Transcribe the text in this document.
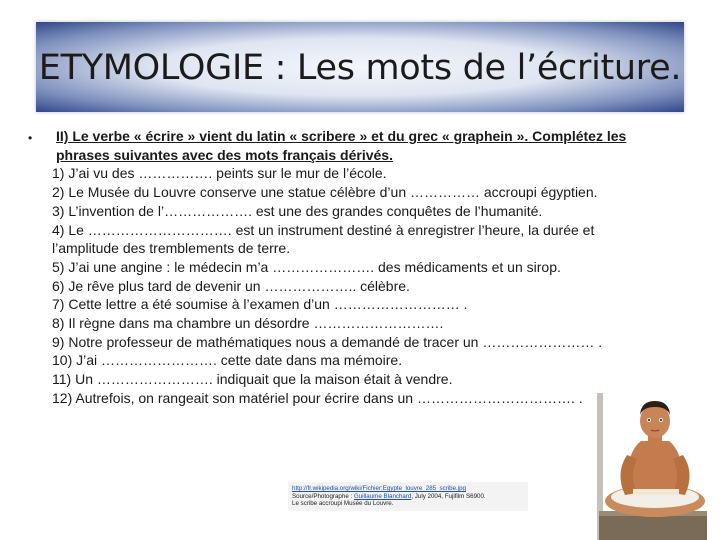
ETYMOLOGIE : Les mots de l’écriture.
• II) Le verbe « écrire » vient du latin « scribere » et du grec « graphein ». Complétez les phrases suivantes avec des mots français dérivés.
1) J’ai vu des ……………. peints sur le mur de l’école.
2) Le Musée du Louvre conserve une statue célèbre d’un …………… accroupi égyptien.
3) L’invention de l’………………. est une des grandes conquêtes de l’humanité.
4) Le …………………………. est un instrument destiné à enregistrer l’heure, la durée et l’amplitude des tremblements de terre.
5) J’ai une angine : le médecin m’a …………………. des médicaments et un sirop.
6) Je rêve plus tard de devenir un ……………….. célèbre.
7) Cette lettre a été soumise à l’examen d’un ……………………… .
8) Il règne dans ma chambre un désordre ……………………….
9) Notre professeur de mathématiques nous a demandé de tracer un …………………… .
10) J’ai ……………………. cette date dans ma mémoire.
11) Un ……………………. indiquait que la maison était à vendre.
12) Autrefois, on rangeait son matériel pour écrire dans un ……………………………. .
http://fr.wikipedia.org/wiki/Fichier:Egypte_louvre_285_scribe.jpg
Source/Photographe : Guillaume Blanchard, July 2004, Fujifilm S6900.
Le scribe accroupi Musée du Louvre.
